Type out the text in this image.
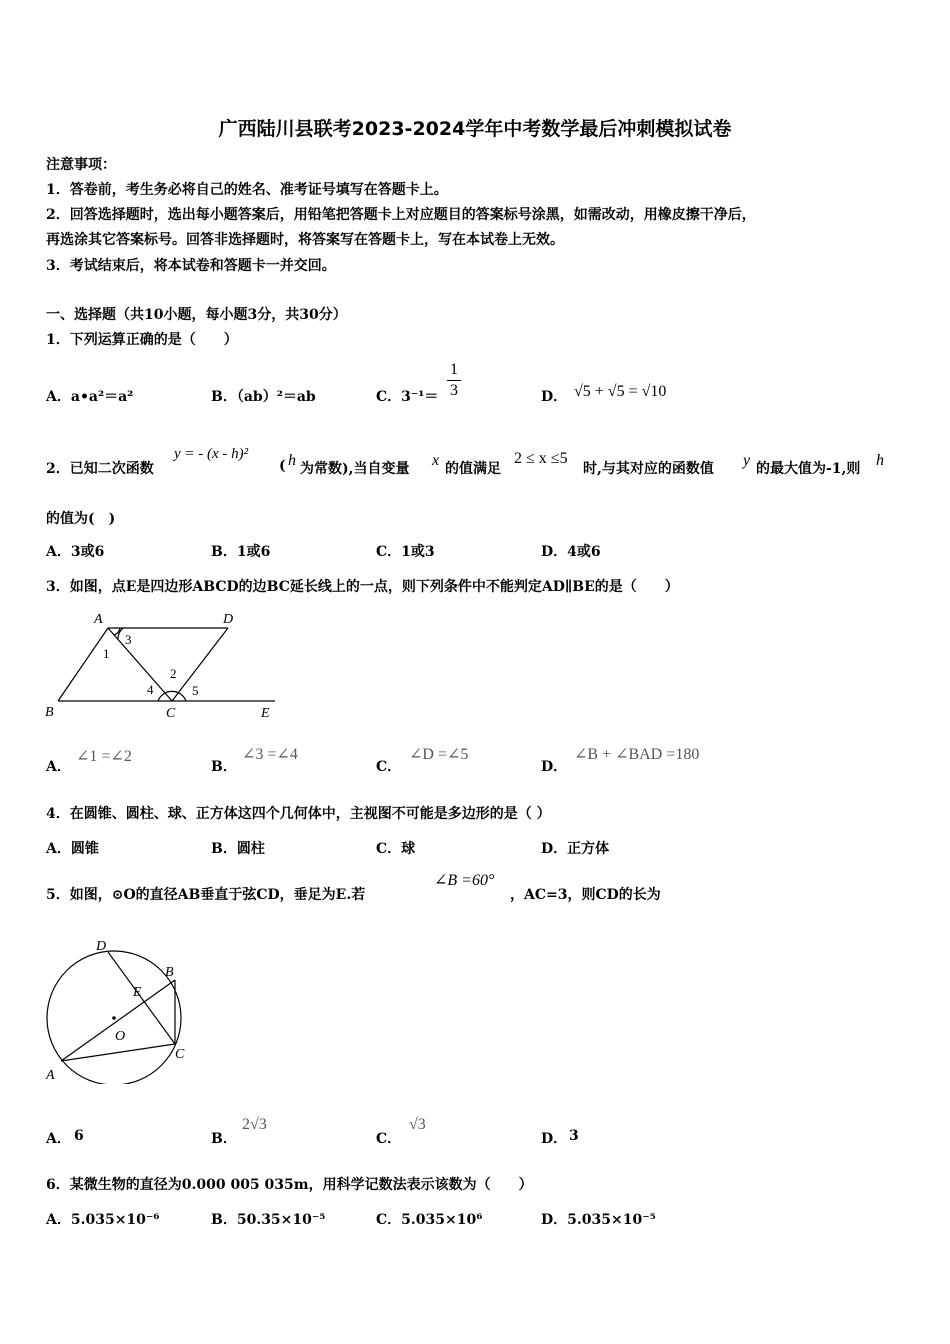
广西陆川县联考2023-2024学年中考数学最后冲刺模拟试卷
注意事项：
1．答卷前，考生务必将自己的姓名、准考证号填写在答题卡上。
2．回答选择题时，选出每小题答案后，用铅笔把答题卡上对应题目的答案标号涂黑，如需改动，用橡皮擦干净后，
再选涂其它答案标号。回答非选择题时，将答案写在答题卡上，写在本试卷上无效。
3．考试结束后，将本试卷和答题卡一并交回。
一、选择题（共10小题，每小题3分，共30分）
1．下列运算正确的是（　　）
A．a•a²＝a²	B．（ab）²＝ab	C．$3^{-1}= \frac{1}{3}$	D． √5 + √5 = √10
2．已知二次函数
y = - (x - h)²
( h 为常数),当自变量 x 的值满足
2 ≤ x ≤5
时,与其对应的函数值 y 的最大值为-1,则 h
的值为(　)
A．3或6	B．1或6	C．1或3	D．4或6
3．如图，点E是四边形ABCD的边BC延长线上的一点，则下列条件中不能判定AD∥BE的是（　　）
A	D
B	C	E
1
3
2
4	5
A．
∠1 =∠2
B．
∠3 =∠4
C．
∠D =∠5
D．
∠B + ∠BAD =180
4．在圆锥、圆柱、球、正方体这四个几何体中，主视图不可能是多边形的是（ ）
A．圆锥	B．圆柱	C．球	D．正方体
5．如图，⊙O的直径AB垂直于弦CD，垂足为E.若
∠B =60°
，AC=3，则CD的长为
D
B
E
O
A
C
A． 6	B．
2√3
C．
√3
D． 3
6．某微生物的直径为0.000 005 035m，用科学记数法表示该数为（　　）
A．5.035×10⁻⁶	B．50.35×10⁻⁵	C．5.035×10⁶	D．5.035×10⁻⁵
